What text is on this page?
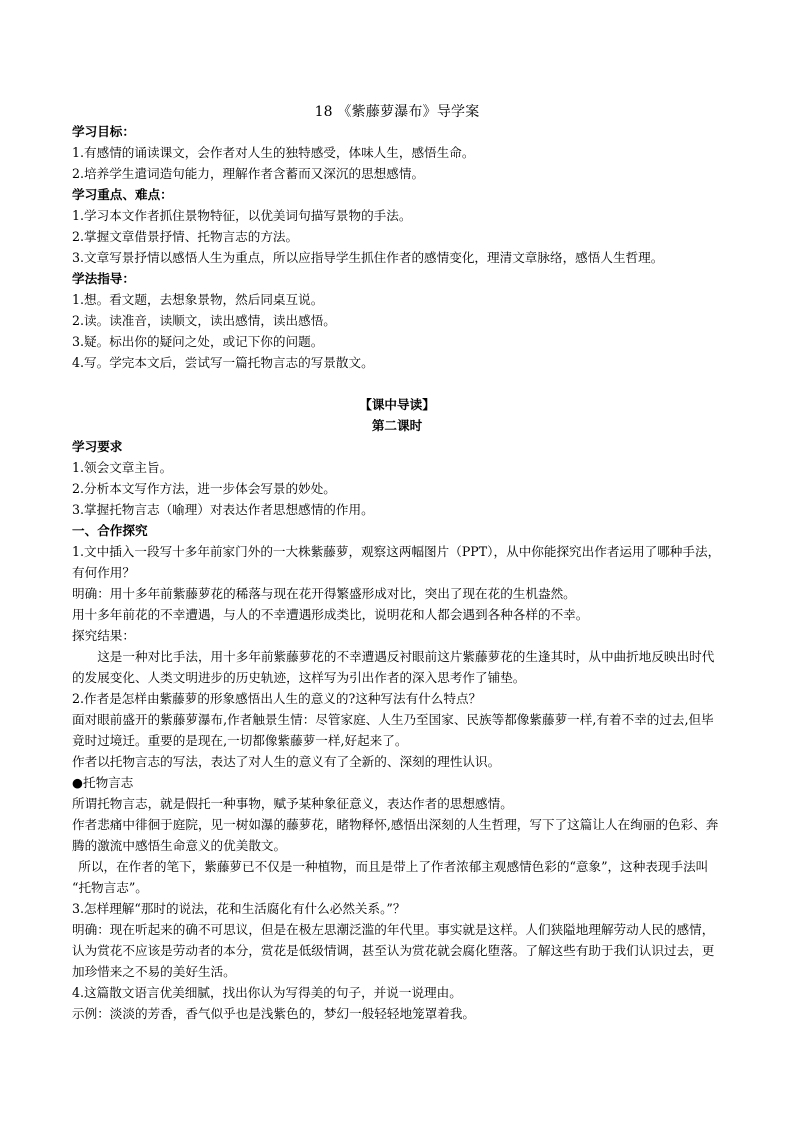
18 《紫藤萝瀑布》导学案

学习目标：

1.有感情的诵读课文，会作者对人生的独特感受，体味人生，感悟生命。

2.培养学生遣词造句能力，理解作者含蓄而又深沉的思想感情。

学习重点、难点：

1.学习本文作者抓住景物特征，以优美词句描写景物的手法。

2.掌握文章借景抒情、托物言志的方法。

3.文章写景抒情以感悟人生为重点，所以应指导学生抓住作者的感情变化，理清文章脉络，感悟人生哲理。

学法指导：

1.想。看文题，去想象景物，然后同桌互说。

2.读。读准音，读顺文，读出感情，读出感悟。

3.疑。标出你的疑问之处，或记下你的问题。

4.写。学完本文后，尝试写一篇托物言志的写景散文。

【课中导读】

第二课时

学习要求

1.领会文章主旨。

2.分析本文写作方法，进一步体会写景的妙处。

3.掌握托物言志（喻理）对表达作者思想感情的作用。

一、合作探究

1.文中插入一段写十多年前家门外的一大株紫藤萝，观察这两幅图片（PPT），从中你能探究出作者运用了哪种手法，有何作用？

明确：用十多年前紫藤萝花的稀落与现在花开得繁盛形成对比，突出了现在花的生机盎然。

用十多年前花的不幸遭遇，与人的不幸遭遇形成类比，说明花和人都会遇到各种各样的不幸。

探究结果：

这是一种对比手法，用十多年前紫藤萝花的不幸遭遇反衬眼前这片紫藤萝花的生逢其时，从中曲折地反映出时代的发展变化、人类文明进步的历史轨迹，这样写为引出作者的深入思考作了铺垫。

2.作者是怎样由紫藤萝的形象感悟出人生的意义的?这种写法有什么特点？

面对眼前盛开的紫藤萝瀑布,作者触景生情：尽管家庭、人生乃至国家、民族等都像紫藤萝一样,有着不幸的过去,但毕竟时过境迁。重要的是现在,一切都像紫藤萝一样,好起来了。

作者以托物言志的写法，表达了对人生的意义有了全新的、深刻的理性认识。

●托物言志

所谓托物言志，就是假托一种事物，赋予某种象征意义，表达作者的思想感情。

作者悲痛中徘徊于庭院，见一树如瀑的藤萝花，睹物释怀,感悟出深刻的人生哲理，写下了这篇让人在绚丽的色彩、奔腾的激流中感悟生命意义的优美散文。

所以，在作者的笔下，紫藤萝已不仅是一种植物，而且是带上了作者浓郁主观感情色彩的“意象”，这种表现手法叫 “托物言志”。

3.怎样理解“那时的说法，花和生活腐化有什么必然关系。”？

明确：现在听起来的确不可思议，但是在极左思潮泛滥的年代里。事实就是这样。人们狭隘地理解劳动人民的感情，认为赏花不应该是劳动者的本分，赏花是低级情调，甚至认为赏花就会腐化堕落。了解这些有助于我们认识过去，更加珍惜来之不易的美好生活。

4.这篇散文语言优美细腻，找出你认为写得美的句子，并说一说理由。

示例：淡淡的芳香，香气似乎也是浅紫色的，梦幻一般轻轻地笼罩着我。
